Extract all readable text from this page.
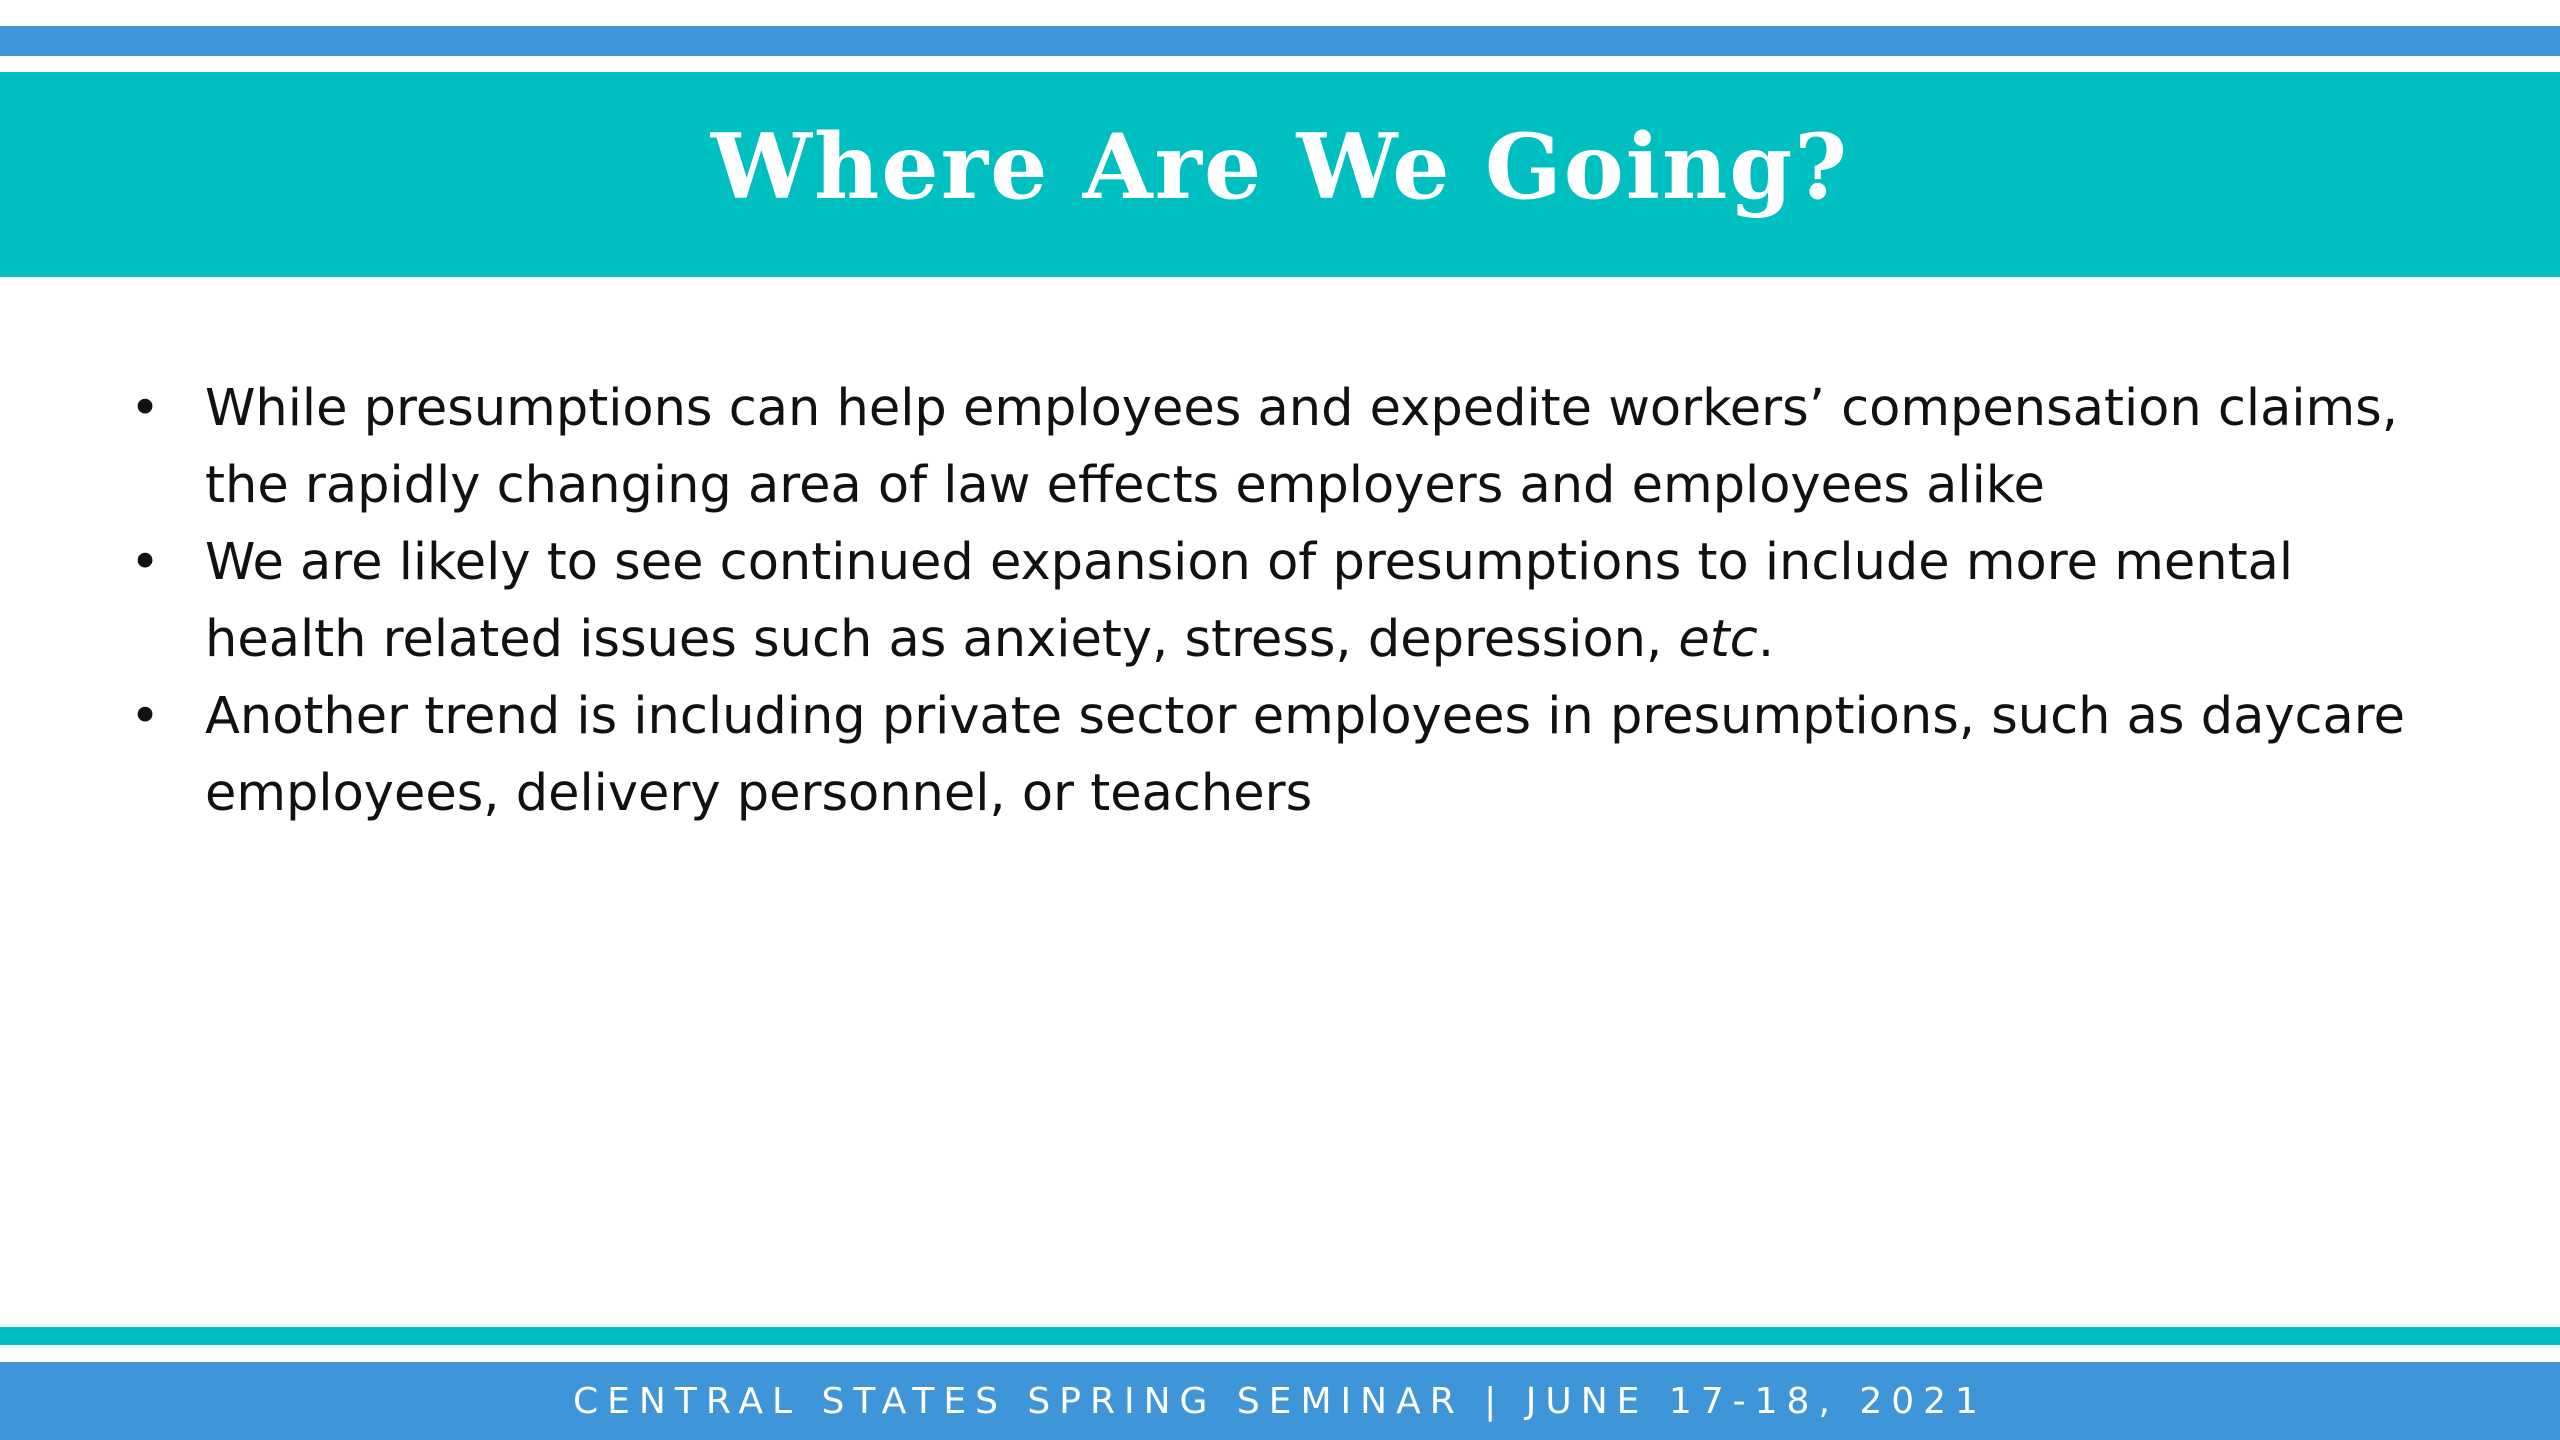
Where Are We Going?
• While presumptions can help employees and expedite workers’ compensation claims, the rapidly changing area of law effects employers and employees alike
• We are likely to see continued expansion of presumptions to include more mental health related issues such as anxiety, stress, depression, etc.
• Another trend is including private sector employees in presumptions, such as daycare employees, delivery personnel, or teachers
CENTRAL STATES SPRING SEMINAR | JUNE 17-18, 2021
